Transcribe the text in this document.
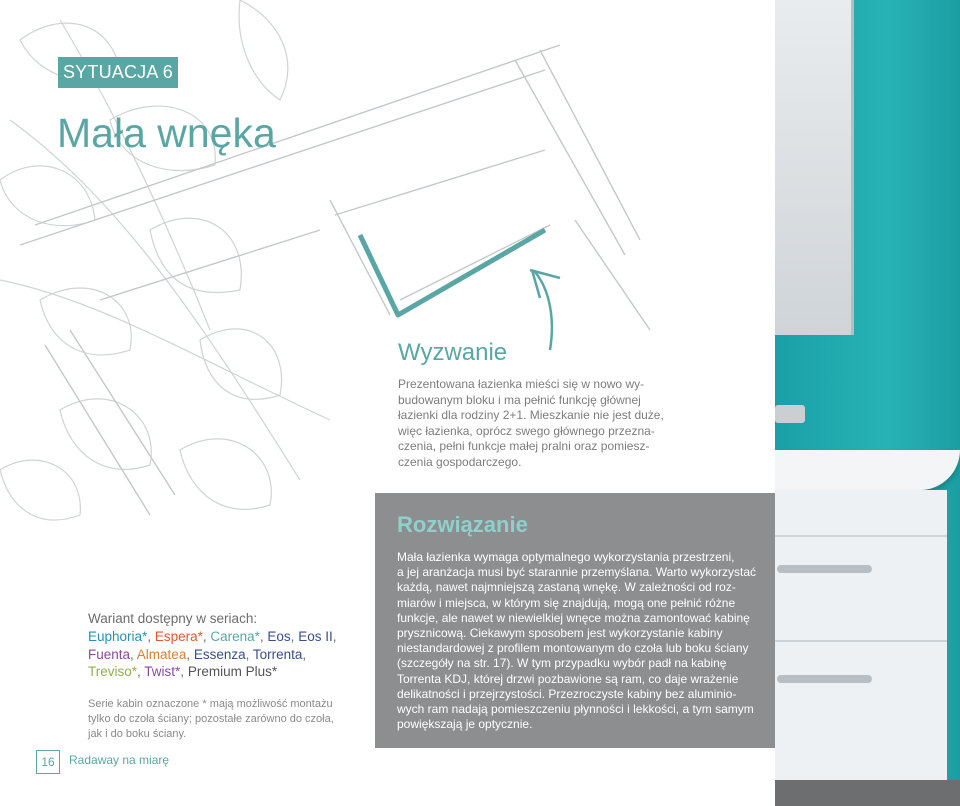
SYTUACJA 6
Mała wnęka
Wyzwanie
Prezentowana łazienka mieści się w nowo wy-
budowanym bloku i ma pełnić funkcję głównej
łazienki dla rodziny 2+1. Mieszkanie nie jest duże,
więc łazienka, oprócz swego głównego przezna-
czenia, pełni funkcje małej pralni oraz pomiesz-
czenia gospodarczego.
Rozwiązanie
Mała łazienka wymaga optymalnego wykorzystania przestrzeni,
a jej aranżacja musi być starannie przemyślana. Warto wykorzystać
każdą, nawet najmniejszą zastaną wnękę. W zależności od roz-
miarów i miejsca, w którym się znajdują, mogą one pełnić różne
funkcje, ale nawet w niewielkiej wnęce można zamontować kabinę
prysznicową. Ciekawym sposobem jest wykorzystanie kabiny
niestandardowej z profilem montowanym do czoła lub boku ściany
(szczegóły na str. 17). W tym przypadku wybór padł na kabinę
Torrenta KDJ, której drzwi pozbawione są ram, co daje wrażenie
delikatności i przejrzystości. Przezroczyste kabiny bez aluminio-
wych ram nadają pomieszczeniu płynności i lekkości, a tym samym
powiększają je optycznie.
Wariant dostępny w seriach:
Euphoria*, Espera*, Carena*, Eos, Eos II,
Fuenta, Almatea, Essenza, Torrenta,
Treviso*, Twist*, Premium Plus*
Serie kabin oznaczone * mają możliwość montażu
tylko do czoła ściany; pozostałe zarówno do czoła,
jak i do boku ściany.
16	Radaway na miarę
